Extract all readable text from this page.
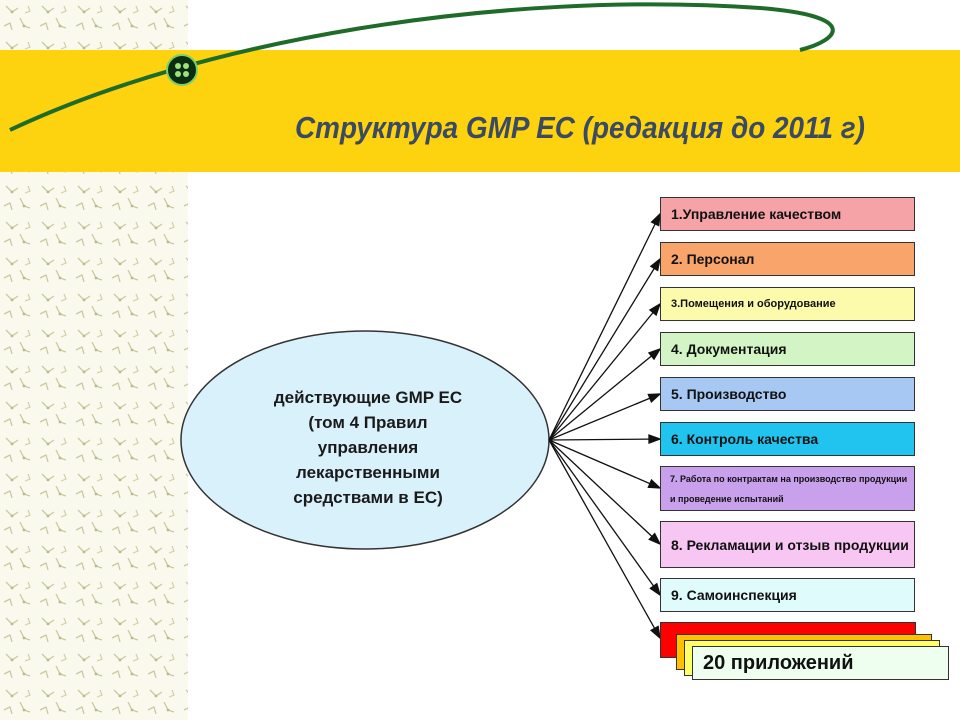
Структура GMP ЕС (редакция до 2011 г)
действующие GMP ЕС
(том 4 Правил
управления
лекарственными
средствами в ЕС)
1.Управление качеством
2. Персонал
3.Помещения и оборудование
4. Документация
5. Производство
6. Контроль качества
7. Работа по контрактам на производство продукции и проведение испытаний
8. Рекламации и отзыв продукции
9. Самоинспекция
20 приложений
